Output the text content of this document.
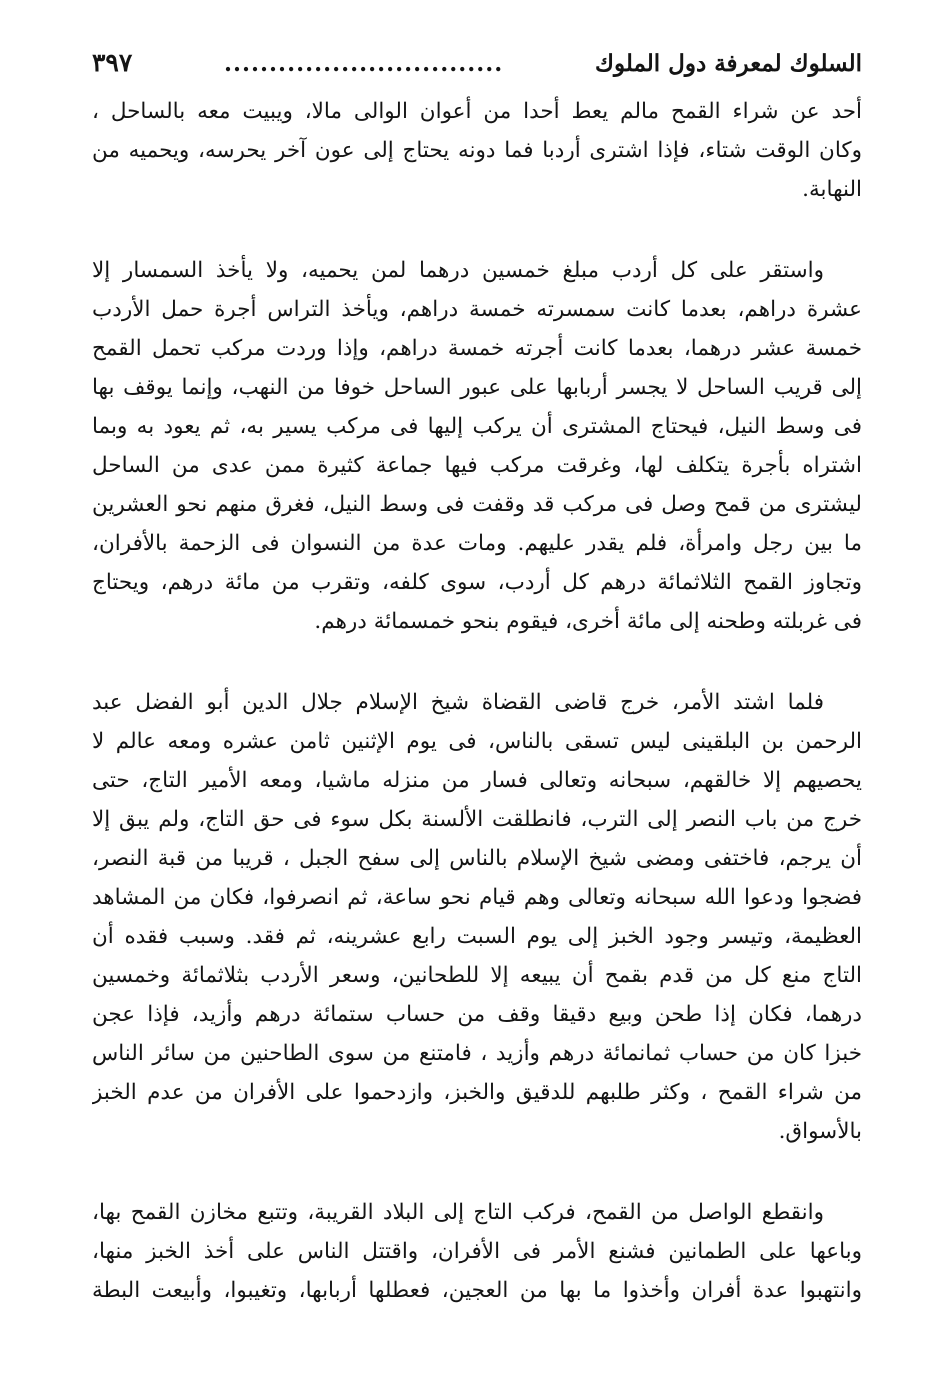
السلوك لمعرفة دول الملوك
...............................
٣٩٧

أحد عن شراء القمح مالم يعط أحدا من أعوان الوالى مالا، ويبيت معه بالساحل ،
وكان الوقت شتاء، فإذا اشترى أردبا فما دونه يحتاج إلى عون آخر يحرسه، ويحميه من
النهابة.

واستقر على كل أردب مبلغ خمسين درهما لمن يحميه، ولا يأخذ السمسار إلا
عشرة دراهم، بعدما كانت سمسرته خمسة دراهم، ويأخذ التراس أجرة حمل الأردب
خمسة عشر درهما، بعدما كانت أجرته خمسة دراهم، وإذا وردت مركب تحمل القمح
إلى قريب الساحل لا يجسر أربابها على عبور الساحل خوفا من النهب، وإنما يوقف بها
فى وسط النيل، فيحتاج المشترى أن يركب إليها فى مركب يسير به، ثم يعود به وبما
اشتراه بأجرة يتكلف لها، وغرقت مركب فيها جماعة كثيرة ممن عدى من الساحل
ليشترى من قمح وصل فى مركب قد وقفت فى وسط النيل، فغرق منهم نحو العشرين
ما بين رجل وامرأة، فلم يقدر عليهم. ومات عدة من النسوان فى الزحمة بالأفران،
وتجاوز القمح الثلاثمائة درهم كل أردب، سوى كلفه، وتقرب من مائة درهم، ويحتاج
فى غربلته وطحنه إلى مائة أخرى، فيقوم بنحو خمسمائة درهم.

فلما اشتد الأمر، خرج قاضى القضاة شيخ الإسلام جلال الدين أبو الفضل عبد
الرحمن بن البلقينى ليس تسقى بالناس، فى يوم الإثنين ثامن عشره ومعه عالم لا
يحصيهم إلا خالقهم، سبحانه وتعالى فسار من منزله ماشيا، ومعه الأمير التاج، حتى
خرج من باب النصر إلى الترب، فانطلقت الألسنة بكل سوء فى حق التاج، ولم يبق إلا
أن يرجم، فاختفى ومضى شيخ الإسلام بالناس إلى سفح الجبل ، قريبا من قبة النصر،
فضجوا ودعوا الله سبحانه وتعالى وهم قيام نحو ساعة، ثم انصرفوا، فكان من المشاهد
العظيمة، وتيسر وجود الخبز إلى يوم السبت رابع عشرينه، ثم فقد. وسبب فقده أن
التاج منع كل من قدم بقمح أن يبيعه إلا للطحانين، وسعر الأردب بثلاثمائة وخمسين
درهما، فكان إذا طحن وبيع دقيقا وقف من حساب ستمائة درهم وأزيد، فإذا عجن
خبزا كان من حساب ثمانمائة درهم وأزيد ، فامتنع من سوى الطاحنين من سائر الناس
من شراء القمح ، وكثر طلبهم للدقيق والخبز، وازدحموا على الأفران من عدم الخبز
بالأسواق.

وانقطع الواصل من القمح، فركب التاج إلى البلاد القريبة، وتتبع مخازن القمح بها،
وباعها على الطمانين فشنع الأمر فى الأفران، واقتتل الناس على أخذ الخبز منها،
وانتهبوا عدة أفران وأخذوا ما بها من العجين، فعطلها أربابها، وتغيبوا، وأبيعت البطة
